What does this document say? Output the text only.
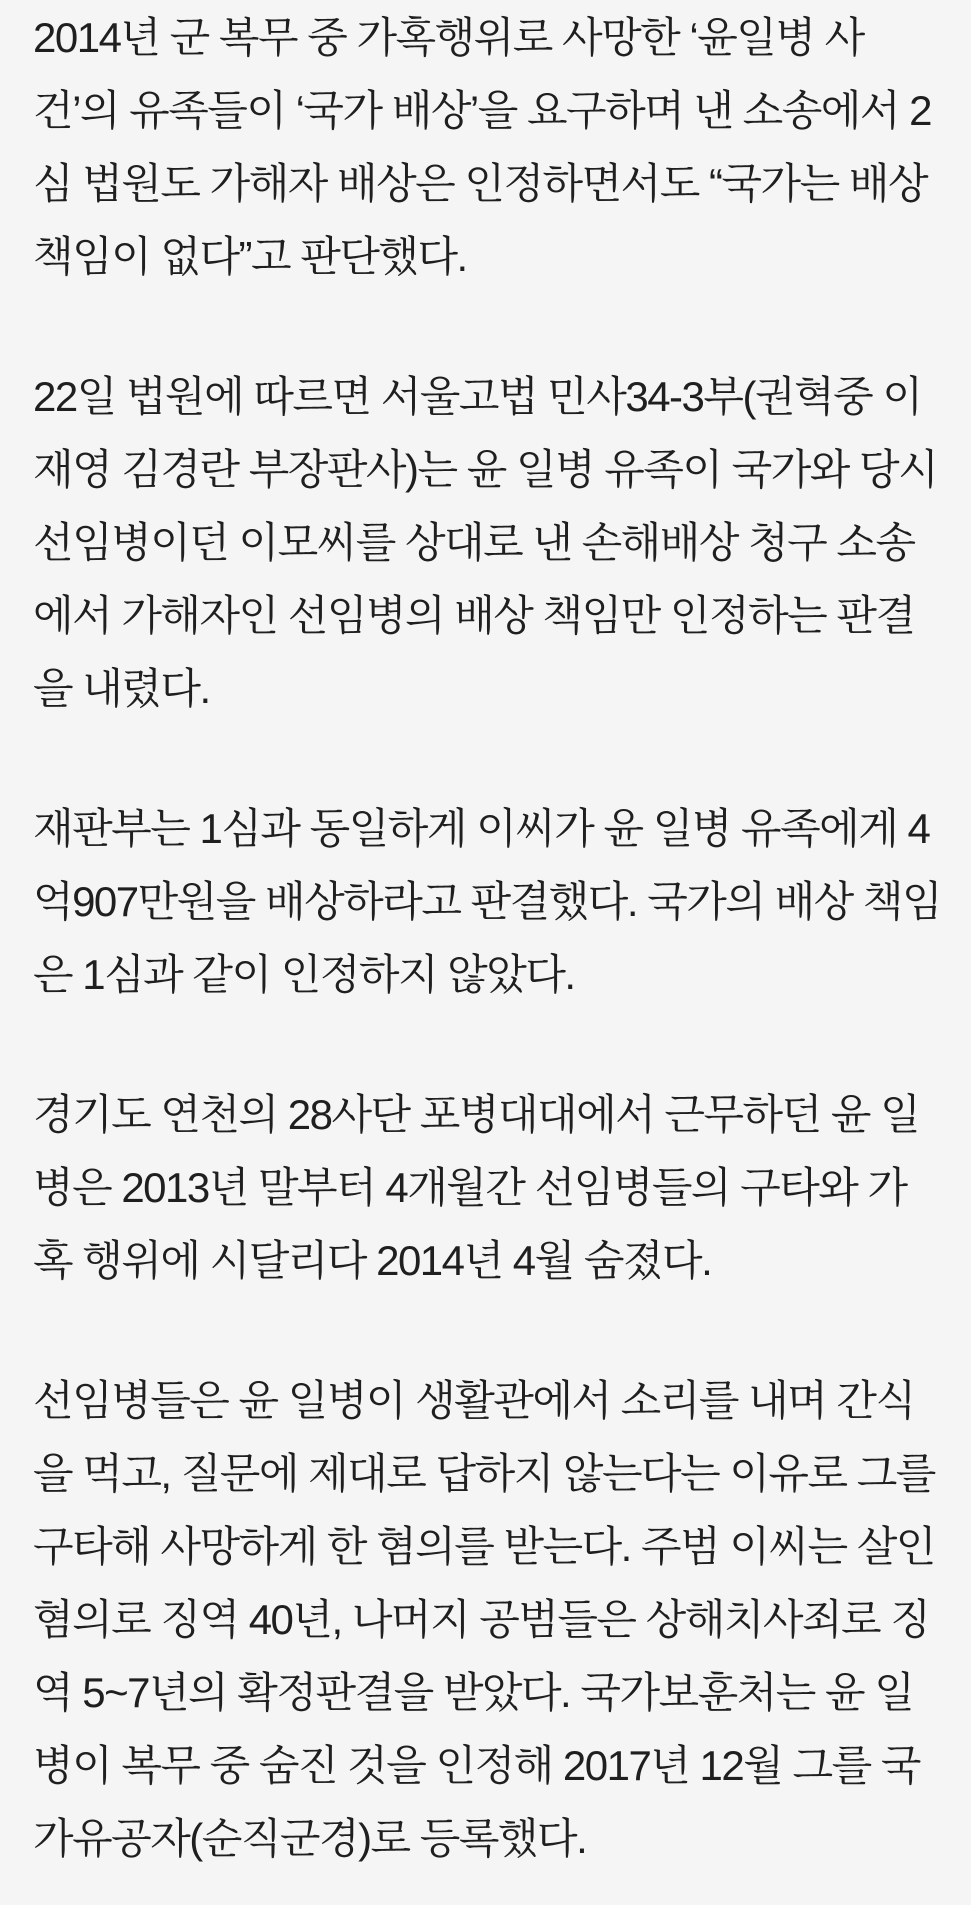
2014년 군 복무 중 가혹행위로 사망한 ‘윤일병 사건’의 유족들이 ‘국가 배상’을 요구하며 낸 소송에서 2심 법원도 가해자 배상은 인정하면서도 “국가는 배상 책임이 없다”고 판단했다.

22일 법원에 따르면 서울고법 민사34-3부(권혁중 이재영 김경란 부장판사)는 윤 일병 유족이 국가와 당시 선임병이던 이모씨를 상대로 낸 손해배상 청구 소송에서 가해자인 선임병의 배상 책임만 인정하는 판결을 내렸다.

재판부는 1심과 동일하게 이씨가 윤 일병 유족에게 4억907만원을 배상하라고 판결했다. 국가의 배상 책임은 1심과 같이 인정하지 않았다.

경기도 연천의 28사단 포병대대에서 근무하던 윤 일병은 2013년 말부터 4개월간 선임병들의 구타와 가혹 행위에 시달리다 2014년 4월 숨졌다.

선임병들은 윤 일병이 생활관에서 소리를 내며 간식을 먹고, 질문에 제대로 답하지 않는다는 이유로 그를 구타해 사망하게 한 혐의를 받는다. 주범 이씨는 살인 혐의로 징역 40년, 나머지 공범들은 상해치사죄로 징역 5~7년의 확정판결을 받았다. 국가보훈처는 윤 일병이 복무 중 숨진 것을 인정해 2017년 12월 그를 국가유공자(순직군경)로 등록했다.
